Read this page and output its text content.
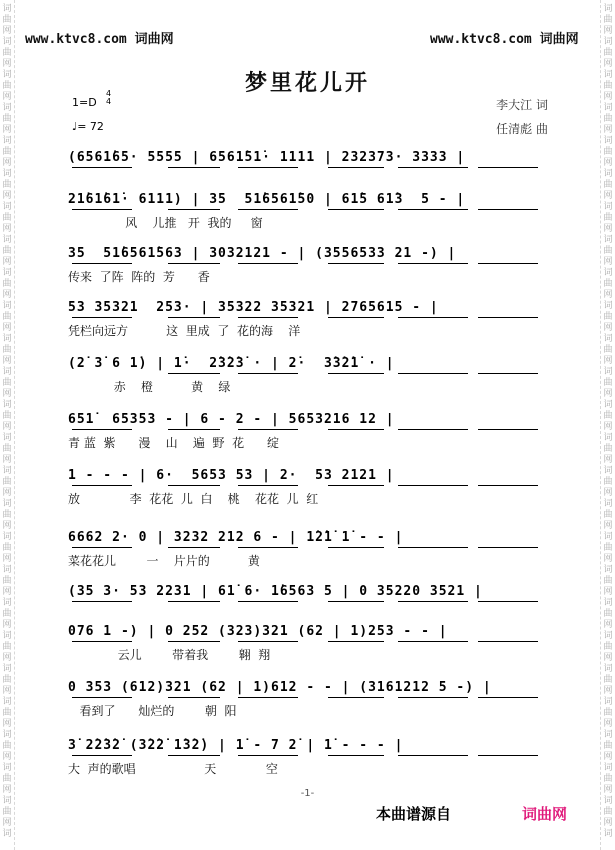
词
曲
网
词
曲
网
词
曲
网
词
曲
网
词
曲
网
词
曲
网
词
曲
网
词
曲
网
词
曲
网
词
曲
网
词
曲
网
词
曲
网
词
曲
网
词
曲
网
词
曲
网
词
曲
网
词
曲
网
词
曲
网
词
曲
网
词
曲
网
词
曲
网
词
曲
网
词
曲
网
词
曲
网
词
曲
网
词
词
曲
网
词
曲
网
词
曲
网
词
曲
网
词
曲
网
词
曲
网
词
曲
网
词
曲
网
词
曲
网
词
曲
网
词
曲
网
词
曲
网
词
曲
网
词
曲
网
词
曲
网
词
曲
网
词
曲
网
词
曲
网
词
曲
网
词
曲
网
词
曲
网
词
曲
网
词
曲
网
词
曲
网
词
曲
网
词
www.ktvc8.com 词曲网	www.ktvc8.com 词曲网
梦里花儿开
1=D
4
4
♩= 72
李大江 词
任清彪 曲
(6561̇65· 5555 | 6561̇51̇· 1111 | 232373· 3333 |
21̇61̇61̇· 6111) | 35  51̇6561̇50 | 61̇5 61̇3  5 - |
风    儿推   开  我的     窗
35  51̇6561̇563 | 3032121 - | (3556533 21 -) |
传来  了阵  阵的  芳      香
53 35321  253· | 35322 35321 | 2765615 - |
凭栏向远方          这  里成  了  花的海    洋
(2̇ 3̇ 6 1̇) | 1̇·  2̇3̇2̇3̇ · | 2̇·  3̇3̇2̇1̇ · |
赤    橙          黄    绿
651̇  65353 - | 6 - 2 - | 5653216 12 |
青 蓝  紫      漫    山    遍  野  花      绽
1 - - - | 6·  5653 53 | 2·  53 2121 |
放             李  花花  儿  白    桃    花花  儿  红
6662 2· 0 | 3232 212 6 - | 1̇2̇1̇ 1̇ - - |
菜花花儿        一    片片的          黄
(35 3· 53 2231 | 61̇ 6· 1̇6563 5 | 0 35220 3521 |
076 1 -) | 0 252 (323)321 (62 | 1)253 - - |
云儿        带着我        翱  翔
0 353 (612)321 (62 | 1)612 - - | (3161212 5 -) |
看到了      灿烂的        朝  阳
3̇ 2̇2̇3̇2̇ (3̇2̇2̇ 1̇3̇2̇) | 1̇ - 7 2̇ | 1̇ - - - |
大  声的歌唱                  天             空
-1-
本曲谱源自	词曲网
